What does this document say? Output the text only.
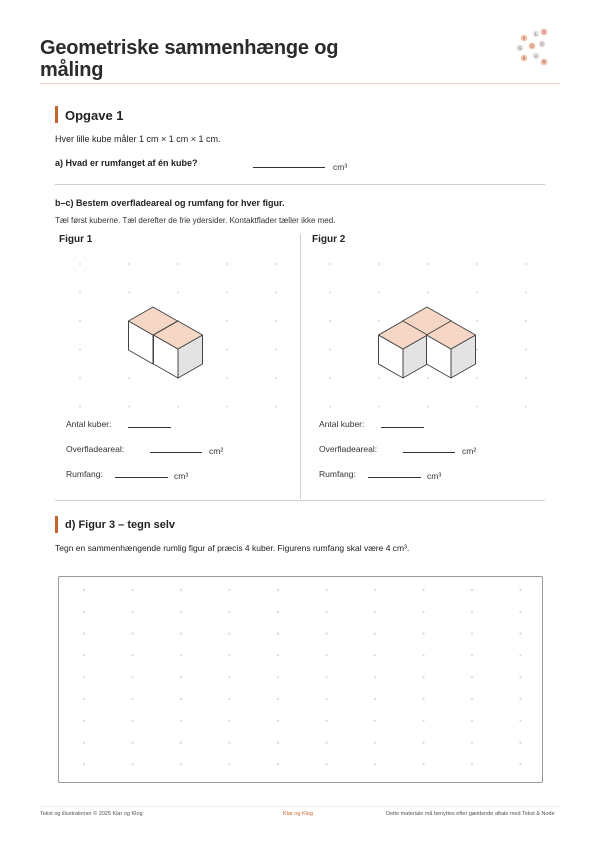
Geometriske sammenhænge og måling
K
L O
G O G
K A
R
Opgave 1
Hver lille kube måler 1 cm × 1 cm × 1 cm.
a) Hvad er rumfanget af én kube?	cm³
b–c) Bestem overfladeareal og rumfang for hver figur.
Tæl først kuberne. Tæl derefter de frie ydersider. Kontaktflader tæller ikke med.
Figur 1
Antal kuber:
Overfladeareal:	cm²
Rumfang:	cm³
Figur 2
Antal kuber:
Overfladeareal:	cm²
Rumfang:	cm³
d) Figur 3 – tegn selv
Tegn en sammenhængende rumlig figur af præcis 4 kuber. Figurens rumfang skal være 4 cm³.
Tekst og illustrationer © 2025 Klar og Klog	Klar og Klog	Dette materiale må benyttes efter gældende aftale med Tekst & Node
